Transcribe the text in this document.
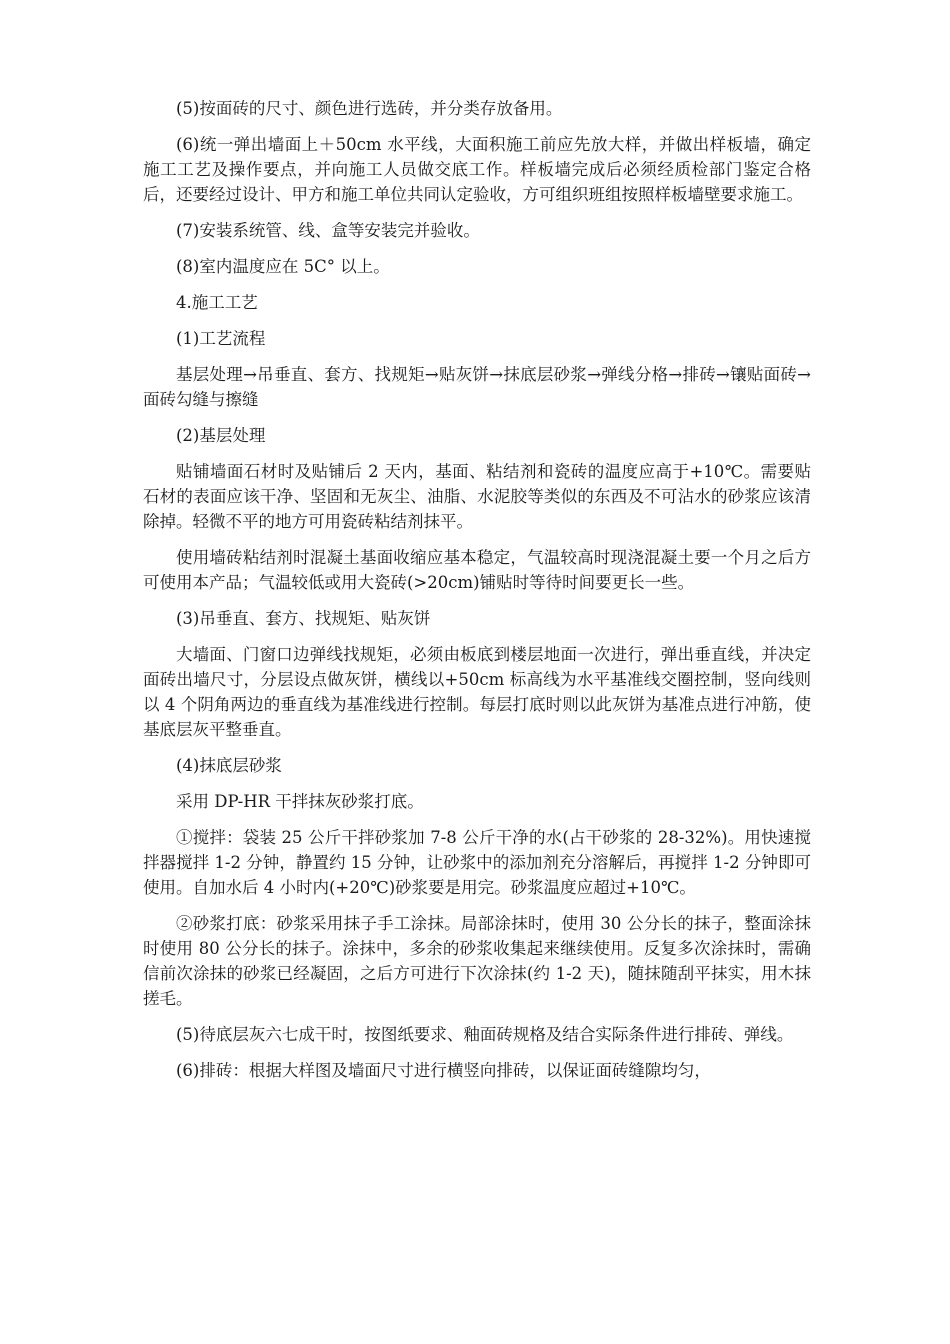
(5)按面砖的尺寸、颜色进行选砖，并分类存放备用。

(6)统一弹出墙面上＋50cm 水平线，大面积施工前应先放大样，并做出样板墙，确定施工工艺及操作要点，并向施工人员做交底工作。样板墙完成后必须经质检部门鉴定合格后，还要经过设计、甲方和施工单位共同认定验收，方可组织班组按照样板墙壁要求施工。

(7)安装系统管、线、盒等安装完并验收。

(8)室内温度应在 5C° 以上。

4.施工工艺

(1)工艺流程

基层处理→吊垂直、套方、找规矩→贴灰饼→抹底层砂浆→弹线分格→排砖→镶贴面砖→面砖勾缝与擦缝

(2)基层处理

贴铺墙面石材时及贴铺后 2 天内，基面、粘结剂和瓷砖的温度应高于+10℃。需要贴石材的表面应该干净、坚固和无灰尘、油脂、水泥胶等类似的东西及不可沾水的砂浆应该清除掉。轻微不平的地方可用瓷砖粘结剂抹平。

使用墙砖粘结剂时混凝土基面收缩应基本稳定，气温较高时现浇混凝土要一个月之后方可使用本产品；气温较低或用大瓷砖(>20cm)铺贴时等待时间要更长一些。

(3)吊垂直、套方、找规矩、贴灰饼

大墙面、门窗口边弹线找规矩，必须由板底到楼层地面一次进行，弹出垂直线，并决定面砖出墙尺寸，分层设点做灰饼，横线以+50cm 标高线为水平基准线交圈控制，竖向线则以 4 个阴角两边的垂直线为基准线进行控制。每层打底时则以此灰饼为基准点进行冲筋，使基底层灰平整垂直。

(4)抹底层砂浆

采用 DP-HR 干拌抹灰砂浆打底。

①搅拌：袋装 25 公斤干拌砂浆加 7-8 公斤干净的水(占干砂浆的 28-32%)。用快速搅拌器搅拌 1-2 分钟，静置约 15 分钟，让砂浆中的添加剂充分溶解后，再搅拌 1-2 分钟即可使用。自加水后 4 小时内(+20℃)砂浆要是用完。砂浆温度应超过+10℃。

②砂浆打底：砂浆采用抹子手工涂抹。局部涂抹时，使用 30 公分长的抹子，整面涂抹时使用 80 公分长的抹子。涂抹中，多余的砂浆收集起来继续使用。反复多次涂抹时，需确信前次涂抹的砂浆已经凝固，之后方可进行下次涂抹(约 1-2 天)，随抹随刮平抹实，用木抹搓毛。

(5)待底层灰六七成干时，按图纸要求、釉面砖规格及结合实际条件进行排砖、弹线。

(6)排砖：根据大样图及墙面尺寸进行横竖向排砖，以保证面砖缝隙均匀，
